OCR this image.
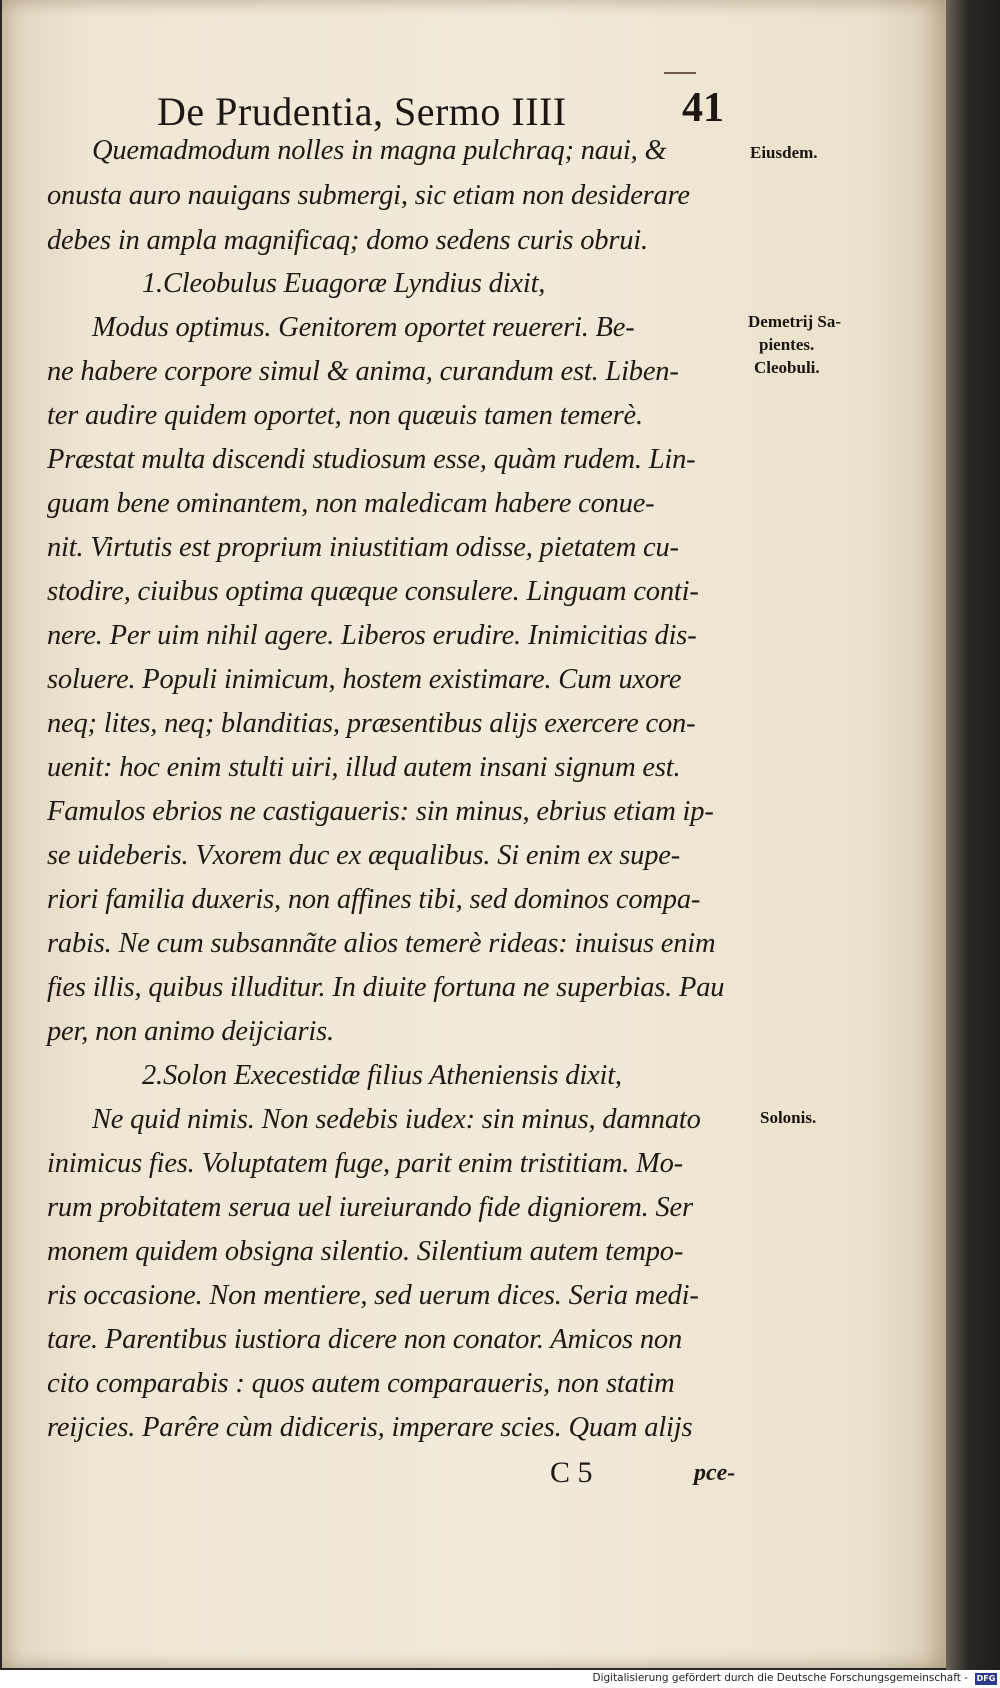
De Prudentia, Sermo IIII	41
Quemadmodum nolles in magna pulchraq; naui, &
onusta auro nauigans submergi, sic etiam non desiderare
debes in ampla magnificaq; domo sedens curis obrui.
1.Cleobulus Euagoræ Lyndius dixit,
Modus optimus. Genitorem oportet reuereri. Be-
ne habere corpore simul & anima, curandum est. Liben-
ter audire quidem oportet, non quæuis tamen temerè.
Præstat multa discendi studiosum esse, quàm rudem. Lin-
guam bene ominantem, non maledicam habere conue-
nit. Virtutis est proprium iniustitiam odisse, pietatem cu-
stodire, ciuibus optima quæque consulere. Linguam conti-
nere. Per uim nihil agere. Liberos erudire. Inimicitias dis-
soluere. Populi inimicum, hostem existimare. Cum uxore
neq; lites, neq; blanditias, præsentibus alijs exercere con-
uenit: hoc enim stulti uiri, illud autem insani signum est.
Famulos ebrios ne castigaueris: sin minus, ebrius etiam ip-
se uideberis. Vxorem duc ex æqualibus. Si enim ex supe-
riori familia duxeris, non affines tibi, sed dominos compa-
rabis. Ne cum subsannãte alios temerè rideas: inuisus enim
fies illis, quibus illuditur. In diuite fortuna ne superbias. Pau
per, non animo deijciaris.
2.Solon Execestidæ filius Atheniensis dixit,
Ne quid nimis. Non sedebis iudex: sin minus, damnato
inimicus fies. Voluptatem fuge, parit enim tristitiam. Mo-
rum probitatem serua uel iureiurando fide digniorem. Ser
monem quidem obsigna silentio. Silentium autem tempo-
ris occasione. Non mentiere, sed uerum dices. Seria medi-
tare. Parentibus iustiora dicere non conator. Amicos non
cito comparabis : quos autem comparaueris, non statim
reijcies. Parêre cùm didiceris, imperare scies. Quam alijs
Eiusdem.
Demetrij Sa-
pientes.
Cleobuli.
Solonis.
C 5	pce-
Digitalisierung gefördert durch die Deutsche Forschungsgemeinschaft - DFG
